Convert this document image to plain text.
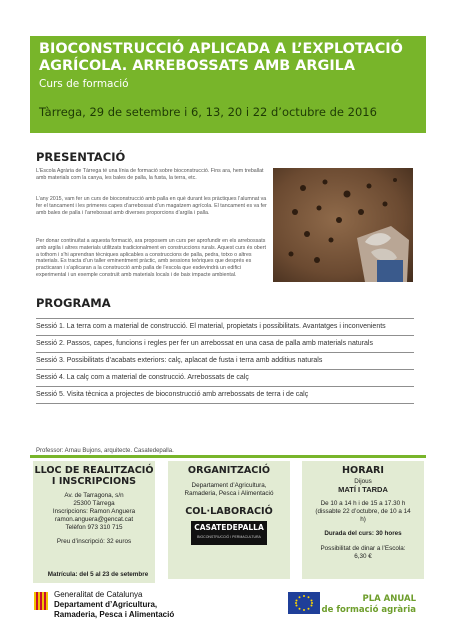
BIOCONSTRUCCIÓ APLICADA A L’EXPLOTACIÓ AGRÍCOLA. ARREBOSSATS AMB ARGILA
Curs de formació
Tàrrega, 29 de setembre i 6, 13, 20 i 22 d’octubre de 2016
PRESENTACIÓ

L’Escola Agrària de Tàrrega té una línia de formació sobre bioconstrucció. Fins ara, hem treballat amb materials com la canya, les bales de palla, la fusta, la terra, etc.

L’any 2015, vam fer un curs de bioconstrucció amb palla en què durant les pràctiques l’alumnat va fer el tancament i les primeres capes d’arrebossat d’un magatzem agrícola. El tancament es va fer amb bales de palla i l’arrebossat amb diverses proporcions d’argila i palla.

Per donar continuïtat a aquesta formació, ara proposem un curs per aprofundir en els arrebossats amb argila i altres materials utilitzats tradicionalment en construccions rurals. Aquest curs és obert a tothom i s’hi aprendran tècniques aplicables a construccions de palla, pedra, totxo o altres materials. Es tracta d’un taller eminentment pràctic, amb sessions teòriques que després es practicaran i s’aplicaran a la construcció amb palla de l’escola que esdevindrà un edifici experimental i un exemple construït amb materials locals i de baix impacte ambiental.

PROGRAMA
Sessió 1. La terra com a material de construcció. El material, propietats i possibilitats. Avantatges i inconvenients
Sessió 2. Passos, capes, funcions i regles per fer un arrebossat en una casa de palla amb materials naturals
Sessió 3. Possibilitats d’acabats exteriors: calç, aplacat de fusta i terra amb additius naturals
Sessió 4. La calç com a material de construcció. Arrebossats de calç
Sessió 5. Visita tècnica a projectes de bioconstrucció amb arrebossats de terra i de calç
Professor: Arnau Bujons, arquitecte. Casatedepalla.
LLOC DE REALITZACIÓ I INSCRIPCIONS
Av. de Tarragona, s/n
25300 Tàrrega
Inscripcions: Ramon Anguera
ramon.anguera@gencat.cat
Telèfon 973 310 715
Preu d’inscripció: 32 euros
Matrícula: del 5 al 23 de setembre
ORGANITZACIÓ
Departament d’Agricultura, Ramaderia, Pesca i Alimentació
COL·LABORACIÓ
CASATEDEPALLA
BIOCONSTRUCCIÓ I PERMACULTURA
HORARI
Dijous
MATÍ I TARDA
De 10 a 14 h i de 15 a 17.30 h
(dissabte 22 d’octubre, de 10 a 14 h)
Durada del curs: 30 hores
Possibilitat de dinar a l’Escola: 6,30 €
Generalitat de Catalunya
Departament d’Agricultura,
Ramaderia, Pesca i Alimentació
PLA ANUAL
de formació agrària
